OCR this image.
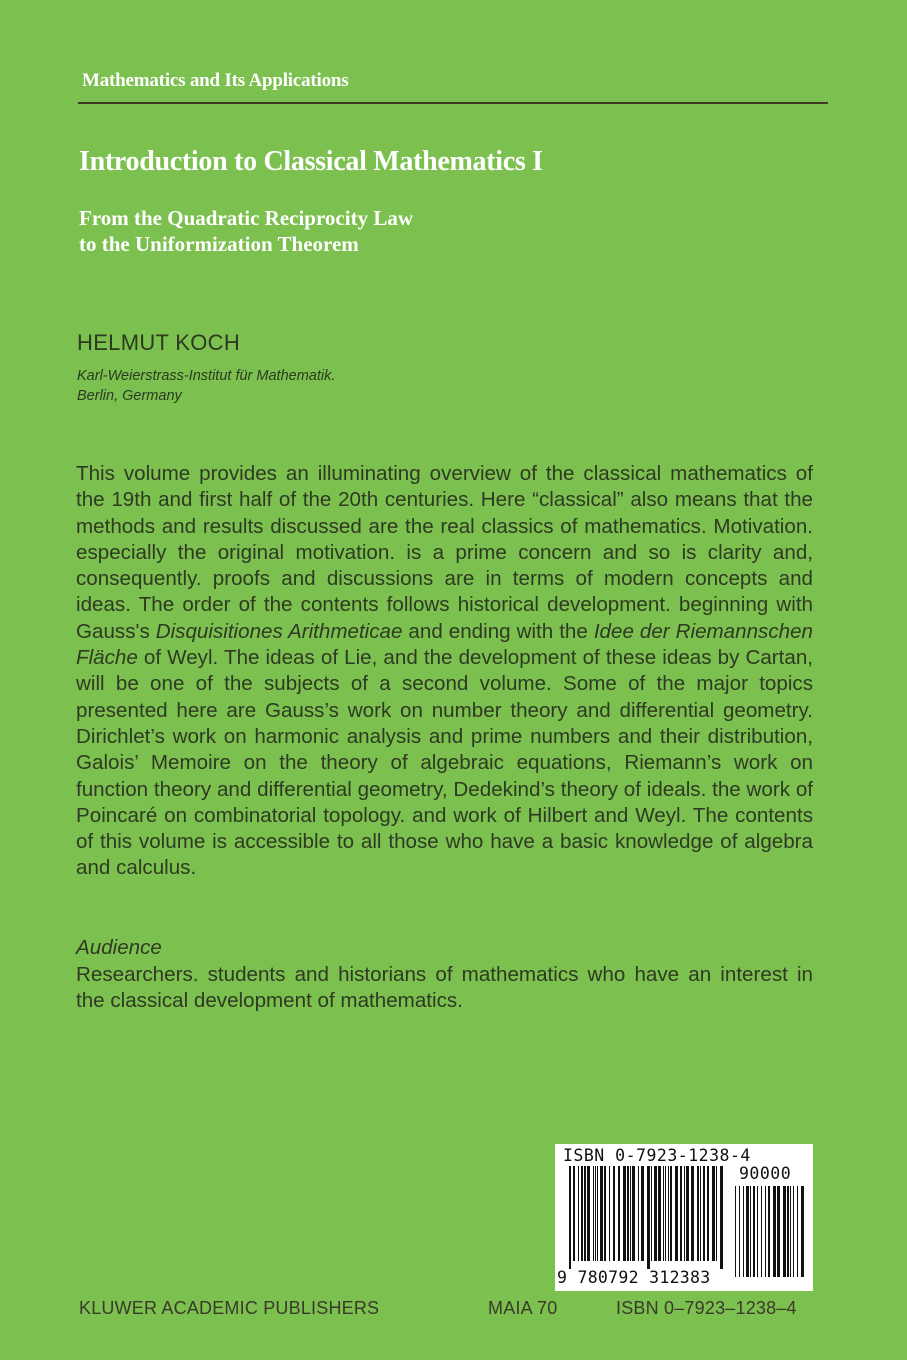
Mathematics and Its Applications
Introduction to Classical Mathematics I
From the Quadratic Reciprocity Law
to the Uniformization Theorem
HELMUT KOCH
Karl-Weierstrass-Institut für Mathematik.
Berlin, Germany

This volume provides an illuminating overview of the classical mathematics of the 19th and first half of the 20th centuries. Here “classical” also means that the methods and results discussed are the real classics of mathematics. Motivation. especially the original motivation. is a prime concern and so is clarity and, consequently. proofs and discussions are in terms of modern concepts and ideas. The order of the contents follows historical development. beginning with Gauss's Disquisitiones Arithmeticae and ending with the Idee der Riemannschen Fläche of Weyl. The ideas of Lie, and the development of these ideas by Cartan, will be one of the subjects of a second volume. Some of the major topics presented here are Gauss’s work on number theory and differential geometry. Dirichlet’s work on harmonic analysis and prime numbers and their distribution, Galois’ Memoire on the theory of algebraic equations, Riemann’s work on function theory and differential geometry, Dedekind’s theory of ideals. the work of Poincaré on combinatorial topology. and work of Hilbert and Weyl. The contents of this volume is accessible to all those who have a basic knowledge of algebra and calculus.

Audience
Researchers. students and historians of mathematics who have an interest in the classical development of mathematics.
ISBN 0-7923-1238-4
90000
9 780792 312383
KLUWER ACADEMIC PUBLISHERS	MAIA 70	ISBN 0–7923–1238–4
